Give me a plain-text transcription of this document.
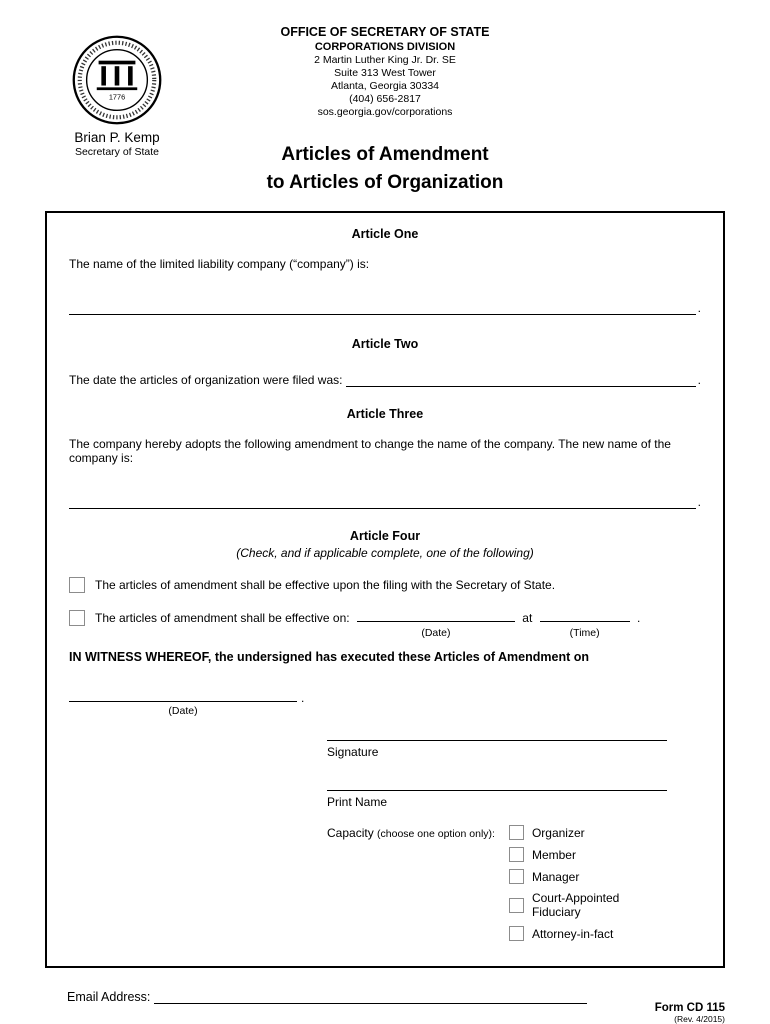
1776
Brian P. Kemp
Secretary of State
OFFICE OF SECRETARY OF STATE
CORPORATIONS DIVISION
2 Martin Luther King Jr. Dr. SE
Suite 313 West Tower
Atlanta, Georgia 30334
(404) 656-2817
sos.georgia.gov/corporations
Articles of Amendment
to Articles of Organization
Article One
The name of the limited liability company (“company”) is:
.
Article Two
The date the articles of organization were filed was:	.
Article Three
The company hereby adopts the following amendment to change the name of the company. The new name of the company is:
.
Article Four
(Check, and if applicable complete, one of the following)
The articles of amendment shall be effective upon the filing with the Secretary of State.
The articles of amendment shall be effective on:
(Date)
at
(Time)
.
IN WITNESS WHEREOF, the undersigned has executed these Articles of Amendment on
(Date)
.
Signature
Print Name
Capacity (choose one option only):	Organizer
Member
Manager
Court-Appointed Fiduciary
Attorney-in-fact
Email Address:
Form CD 115
(Rev. 4/2015)
